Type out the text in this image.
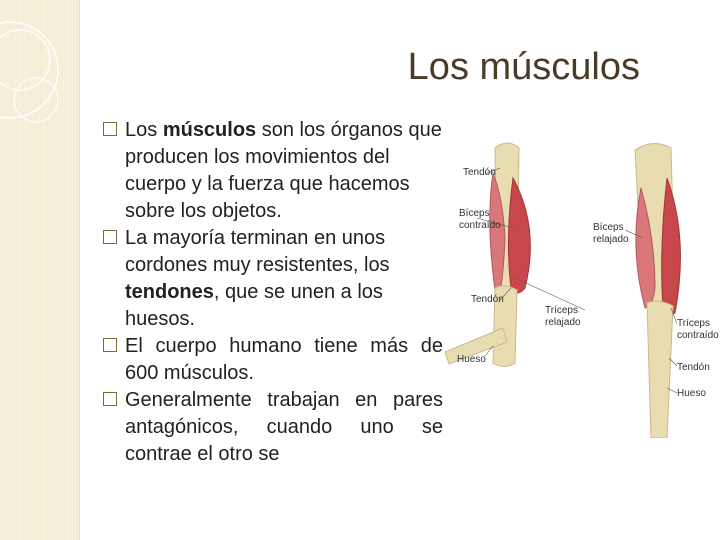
Los músculos

Los músculos son los órganos que producen los movimientos del cuerpo y la fuerza que hacemos sobre los objetos.

La mayoría terminan en unos cordones muy resistentes, los tendones, que se unen a los huesos.

El cuerpo humano tiene más de 600 músculos.

Generalmente trabajan en pares antagónicos, cuando uno se contrae el otro se

Tendón
Bíceps
contraído
Tendón
Tríceps
relajado
Hueso
Bíceps
relajado
Tríceps
contraído
Tendón
Hueso
